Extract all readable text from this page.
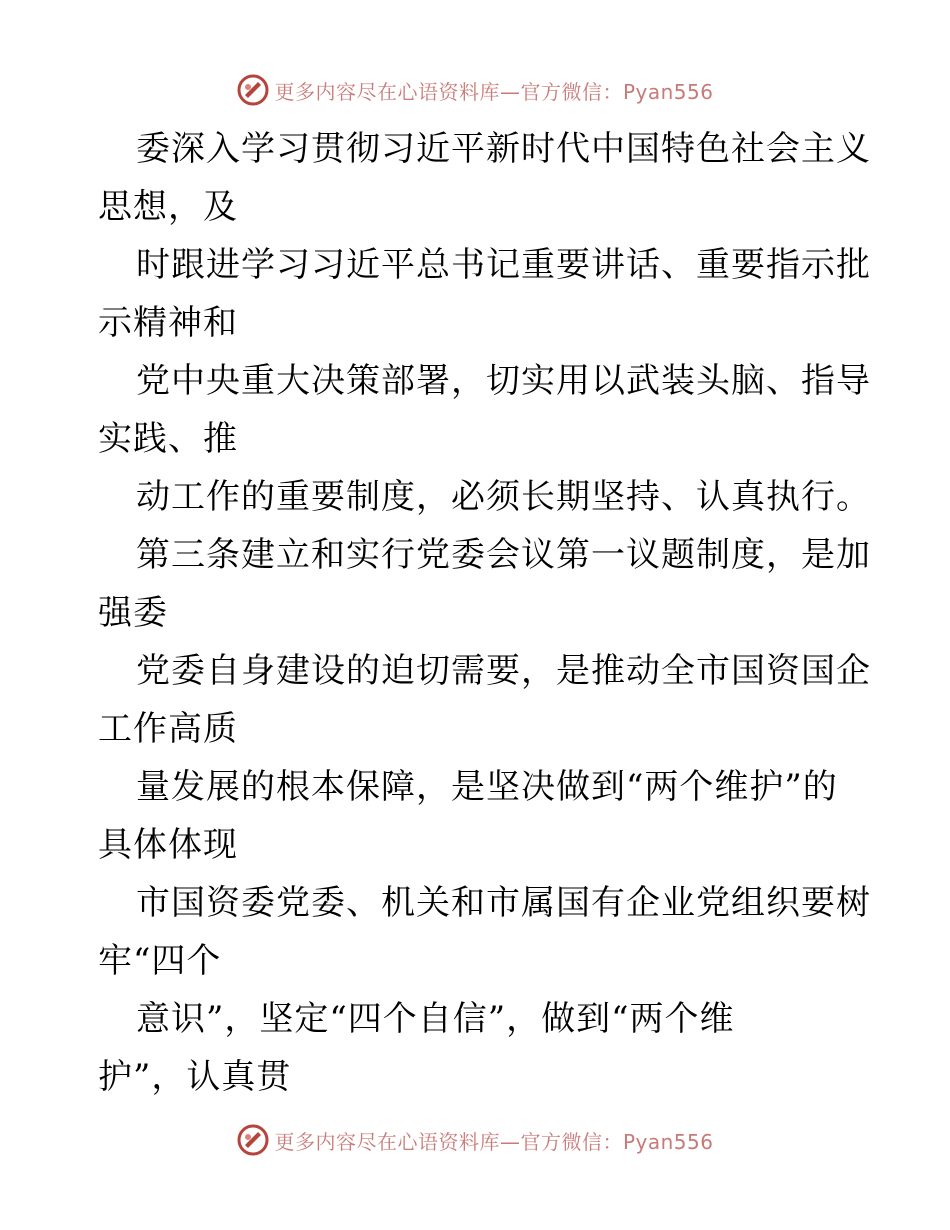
更多内容尽在心语资料库—官方微信：Pyan556
委深入学习贯彻习近平新时代中国特色社会主义
思想，及
时跟进学习习近平总书记重要讲话、重要指示批
示精神和
党中央重大决策部署，切实用以武装头脑、指导
实践、推
动工作的重要制度，必须长期坚持、认真执行。
第三条建立和实行党委会议第一议题制度，是加
强委
党委自身建设的迫切需要，是推动全市国资国企
工作高质
量发展的根本保障，是坚决做到“两个维护”的
具体体现
市国资委党委、机关和市属国有企业党组织要树
牢“四个
意识”，坚定“四个自信”，做到“两个维
护”，认真贯
更多内容尽在心语资料库—官方微信：Pyan556
